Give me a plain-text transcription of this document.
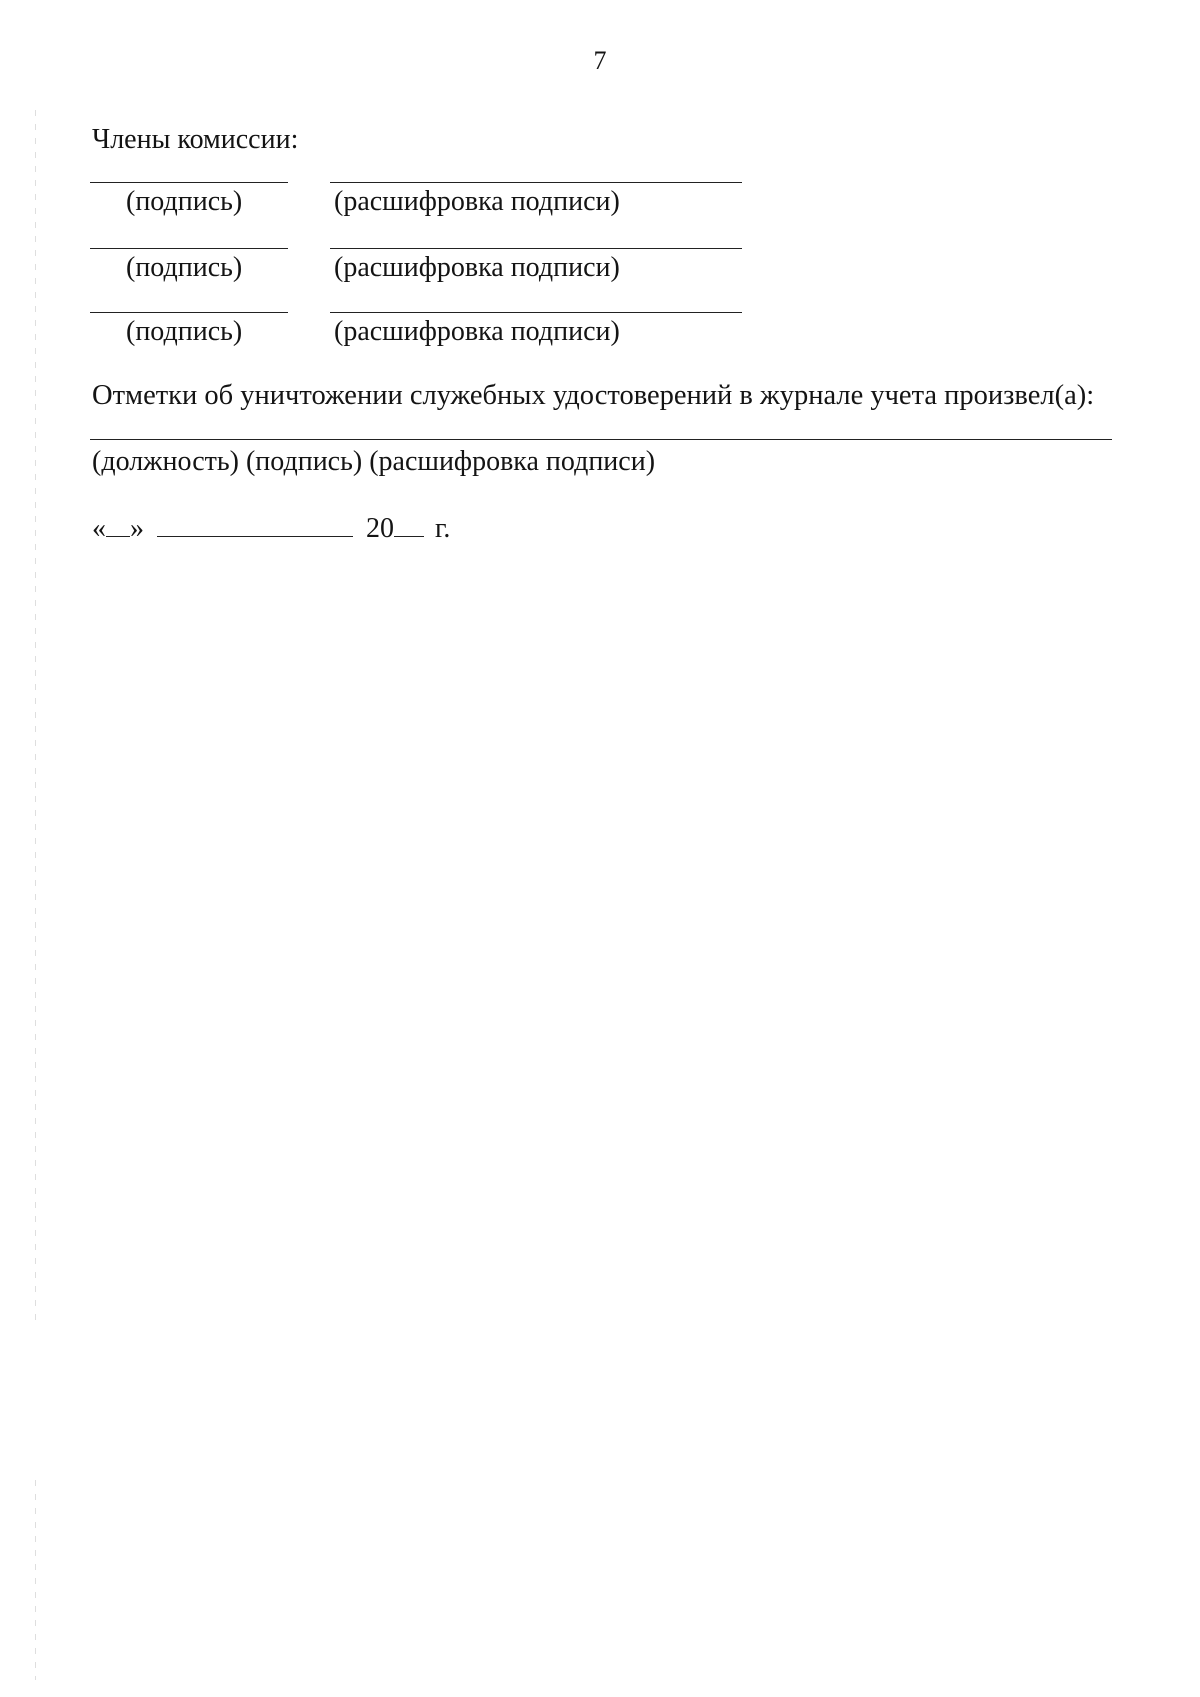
7
Члены комиссии:
(подпись)	(расшифровка подписи)
(подпись)	(расшифровка подписи)
(подпись)	(расшифровка подписи)
Отметки об уничтожении служебных удостоверений в журнале учета произвел(а):
(должность) (подпись) (расшифровка подписи)
« »	20 г.
